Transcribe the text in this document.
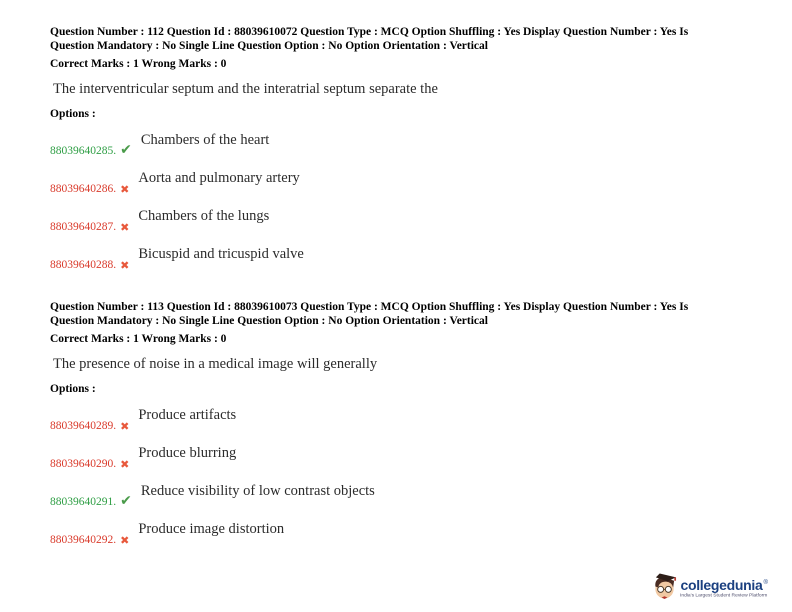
Question Number : 112 Question Id : 88039610072 Question Type : MCQ Option Shuffling : Yes Display Question Number : Yes Is
Question Mandatory : No Single Line Question Option : No Option Orientation : Vertical
Correct Marks : 1 Wrong Marks : 0
The interventricular septum and the interatrial septum separate the
Options :
88039640285. ✔
Chambers of the heart
88039640286. ✖
Aorta and pulmonary artery
88039640287. ✖
Chambers of the lungs
88039640288. ✖
Bicuspid and tricuspid valve
Question Number : 113 Question Id : 88039610073 Question Type : MCQ Option Shuffling : Yes Display Question Number : Yes Is
Question Mandatory : No Single Line Question Option : No Option Orientation : Vertical
Correct Marks : 1 Wrong Marks : 0
The presence of noise in a medical image will generally
Options :
88039640289. ✖
Produce artifacts
88039640290. ✖
Produce blurring
88039640291. ✔
Reduce visibility of low contrast objects
88039640292. ✖
Produce image distortion
collegedunia ®
India's Largest Student Review Platform
